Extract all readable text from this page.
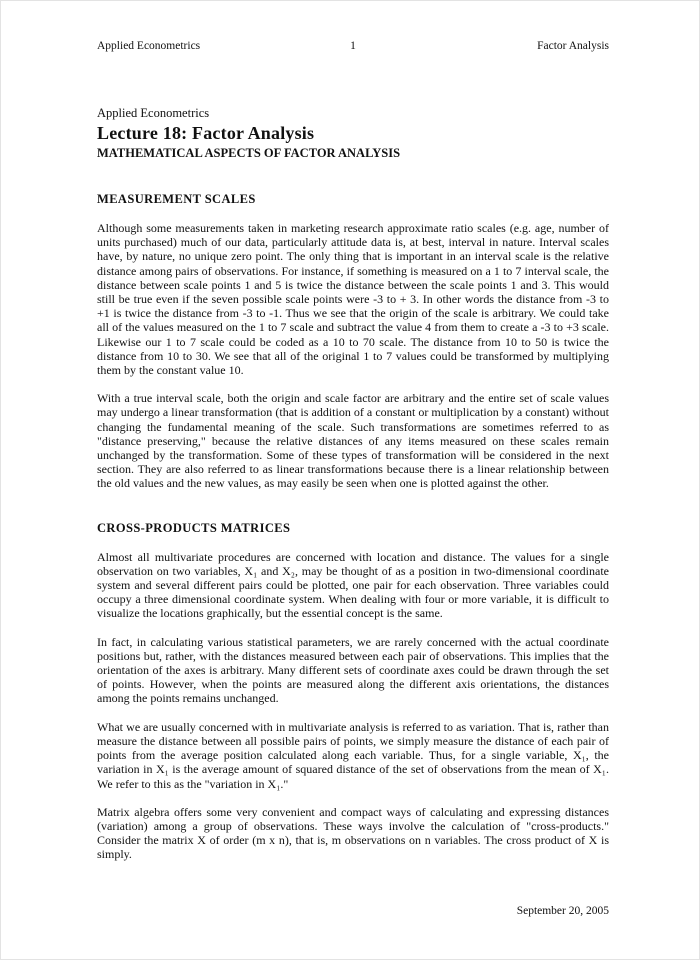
1
Applied Econometrics	Factor Analysis
Applied Econometrics
Lecture 18: Factor Analysis
MATHEMATICAL ASPECTS OF FACTOR ANALYSIS
MEASUREMENT SCALES

Although some measurements taken in marketing research approximate ratio scales (e.g. age, number of units purchased) much of our data, particularly attitude data is, at best, interval in nature. Interval scales have, by nature, no unique zero point. The only thing that is important in an interval scale is the relative distance among pairs of observations. For instance, if something is measured on a 1 to 7 interval scale, the distance between scale points 1 and 5 is twice the distance between the scale points 1 and 3. This would still be true even if the seven possible scale points were -3 to + 3. In other words the distance from -3 to +1 is twice the distance from -3 to -1. Thus we see that the origin of the scale is arbitrary. We could take all of the values measured on the 1 to 7 scale and subtract the value 4 from them to create a -3 to +3 scale. Likewise our 1 to 7 scale could be coded as a 10 to 70 scale. The distance from 10 to 50 is twice the distance from 10 to 30. We see that all of the original 1 to 7 values could be transformed by multiplying them by the constant value 10.

With a true interval scale, both the origin and scale factor are arbitrary and the entire set of scale values may undergo a linear transformation (that is addition of a constant or multiplication by a constant) without changing the fundamental meaning of the scale. Such transformations are sometimes referred to as "distance preserving," because the relative distances of any items measured on these scales remain unchanged by the transformation. Some of these types of transformation will be considered in the next section. They are also referred to as linear transformations because there is a linear relationship between the old values and the new values, as may easily be seen when one is plotted against the other.

CROSS-PRODUCTS MATRICES

Almost all multivariate procedures are concerned with location and distance. The values for a single observation on two variables, X₁ and X₂, may be thought of as a position in two-dimensional coordinate system and several different pairs could be plotted, one pair for each observation. Three variables could occupy a three dimensional coordinate system. When dealing with four or more variable, it is difficult to visualize the locations graphically, but the essential concept is the same.

In fact, in calculating various statistical parameters, we are rarely concerned with the actual coordinate positions but, rather, with the distances measured between each pair of observations. This implies that the orientation of the axes is arbitrary. Many different sets of coordinate axes could be drawn through the set of points. However, when the points are measured along the different axis orientations, the distances among the points remains unchanged.

What we are usually concerned with in multivariate analysis is referred to as variation. That is, rather than measure the distance between all possible pairs of points, we simply measure the distance of each pair of points from the average position calculated along each variable. Thus, for a single variable, X₁, the variation in X₁ is the average amount of squared distance of the set of observations from the mean of X₁. We refer to this as the "variation in X₁."

Matrix algebra offers some very convenient and compact ways of calculating and expressing distances (variation) among a group of observations. These ways involve the calculation of "cross-products." Consider the matrix X of order (m x n), that is, m observations on n variables. The cross product of X is simply.

September 20, 2005
